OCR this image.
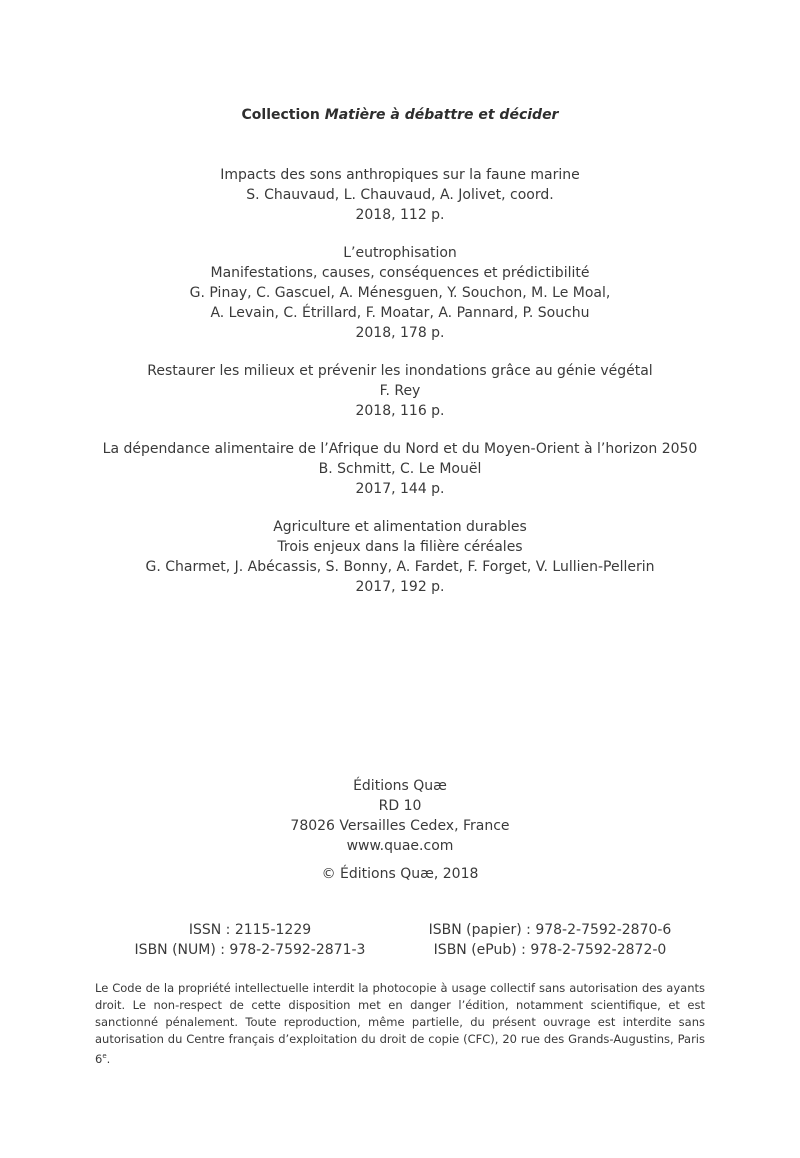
Collection Matière à débattre et décider
Impacts des sons anthropiques sur la faune marine
S. Chauvaud, L. Chauvaud, A. Jolivet, coord.
2018, 112 p.
L’eutrophisation
Manifestations, causes, conséquences et prédictibilité
G. Pinay, C. Gascuel, A. Ménesguen, Y. Souchon, M. Le Moal,
A. Levain, C. Étrillard, F. Moatar, A. Pannard, P. Souchu
2018, 178 p.
Restaurer les milieux et prévenir les inondations grâce au génie végétal
F. Rey
2018, 116 p.
La dépendance alimentaire de l’Afrique du Nord et du Moyen-Orient à l’horizon 2050
B. Schmitt, C. Le Mouël
2017, 144 p.
Agriculture et alimentation durables
Trois enjeux dans la filière céréales
G. Charmet, J. Abécassis, S. Bonny, A. Fardet, F. Forget, V. Lullien-Pellerin
2017, 192 p.
Éditions Quæ
RD 10
78026 Versailles Cedex, France
www.quae.com
© Éditions Quæ, 2018
ISSN : 2115-1229
ISBN (NUM) : 978-2-7592-2871-3
ISBN (papier) : 978-2-7592-2870-6
ISBN (ePub) : 978-2-7592-2872-0
Le Code de la propriété intellectuelle interdit la photocopie à usage collectif sans autorisation des ayants droit. Le non-respect de cette disposition met en danger l’édition, notamment scientifique, et est sanctionné pénalement. Toute reproduction, même partielle, du présent ouvrage est interdite sans autorisation du Centre français d’exploitation du droit de copie (CFC), 20 rue des Grands-Augustins, Paris 6e.
